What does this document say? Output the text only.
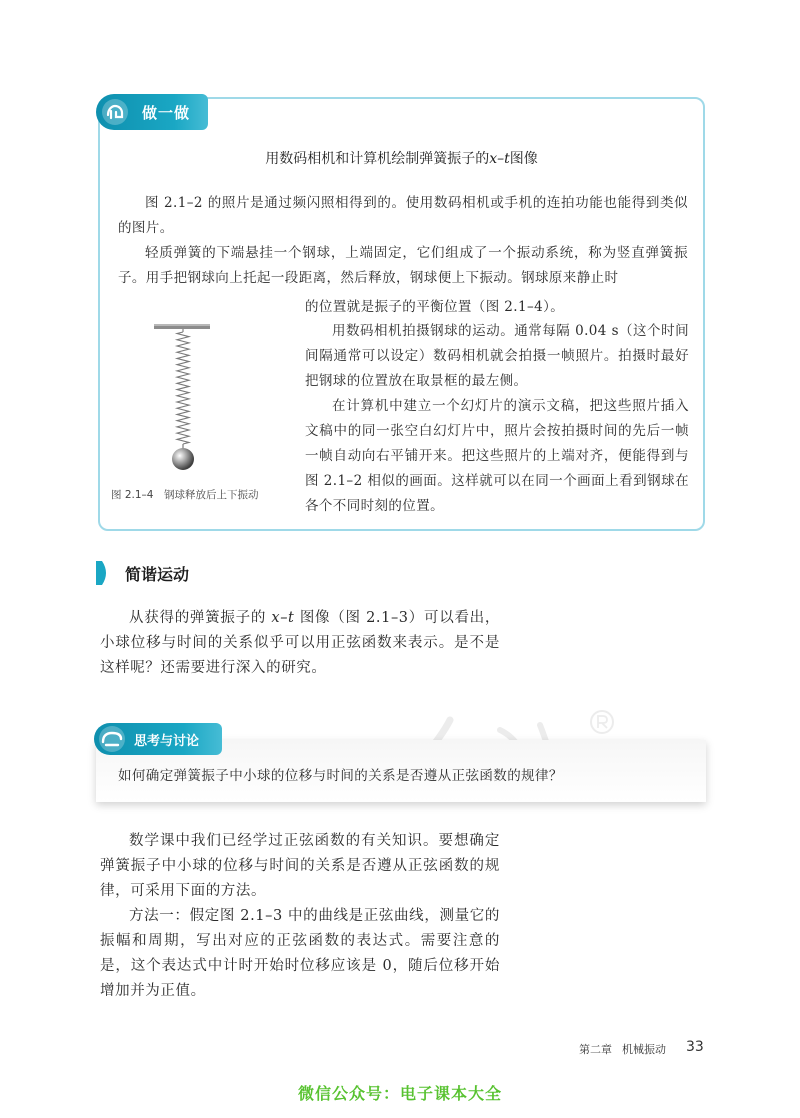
做一做
用数码相机和计算机绘制弹簧振子的x–t图像

图 2.1–2 的照片是通过频闪照相得到的。使用数码相机或手机的连拍功能也能得到类似的图片。

轻质弹簧的下端悬挂一个钢球，上端固定，它们组成了一个振动系统，称为竖直弹簧振子。用手把钢球向上托起一段距离，然后释放，钢球便上下振动。钢球原来静止时

的位置就是振子的平衡位置（图 2.1–4）。

用数码相机拍摄钢球的运动。通常每隔 0.04 s（这个时间间隔通常可以设定）数码相机就会拍摄一帧照片。拍摄时最好把钢球的位置放在取景框的最左侧。

在计算机中建立一个幻灯片的演示文稿，把这些照片插入文稿中的同一张空白幻灯片中，照片会按拍摄时间的先后一帧一帧自动向右平铺开来。把这些照片的上端对齐，便能得到与图 2.1–2 相似的画面。这样就可以在同一个画面上看到钢球在各个不同时刻的位置。

图 2.1–4　钢球释放后上下振动
简谐运动

从获得的弹簧振子的 x–t 图像（图 2.1–3）可以看出，小球位移与时间的关系似乎可以用正弦函数来表示。是不是这样呢？还需要进行深入的研究。

思考与讨论

如何确定弹簧振子中小球的位移与时间的关系是否遵从正弦函数的规律？

数学课中我们已经学过正弦函数的有关知识。要想确定弹簧振子中小球的位移与时间的关系是否遵从正弦函数的规律，可采用下面的方法。

方法一：假定图 2.1–3 中的曲线是正弦曲线，测量它的振幅和周期，写出对应的正弦函数的表达式。需要注意的是，这个表达式中计时开始时位移应该是 0，随后位移开始增加并为正值。

第二章 机械振动 33
微信公众号：电子课本大全
